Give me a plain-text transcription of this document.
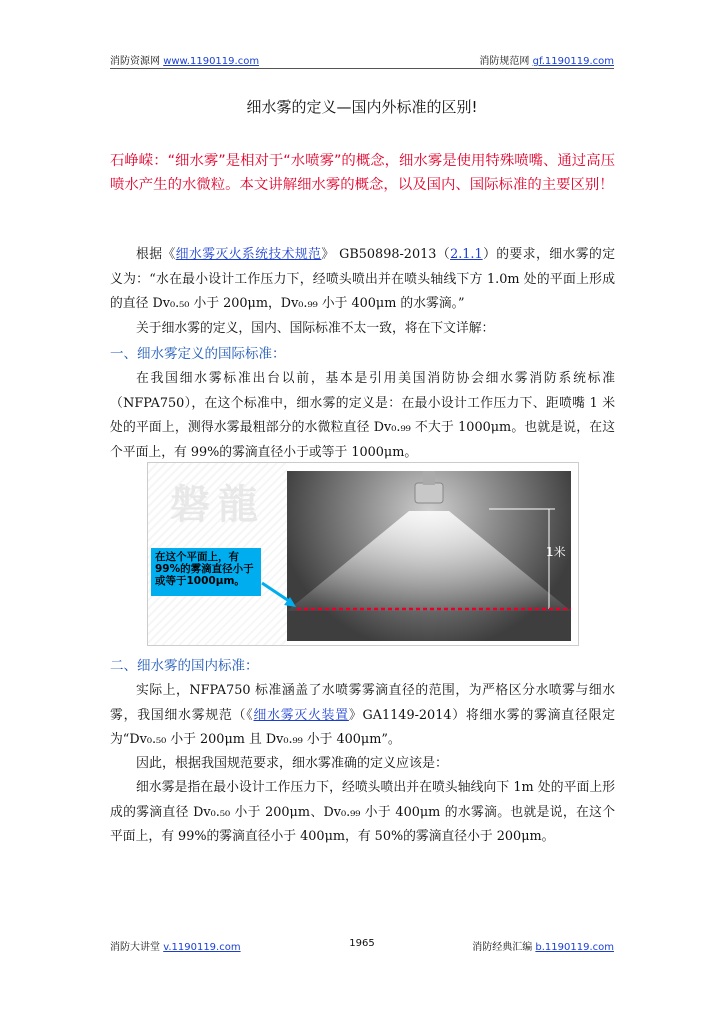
消防资源网 www.1190119.com	消防规范网 gf.1190119.com
细水雾的定义—国内外标准的区别!
石峥嵘：“细水雾”是相对于“水喷雾”的概念，细水雾是使用特殊喷嘴、通过高压喷水产生的水微粒。本文讲解细水雾的概念，以及国内、国际标准的主要区别！
根据《细水雾灭火系统技术规范》 GB50898-2013（2.1.1）的要求，细水雾的定义为：“水在最小设计工作压力下，经喷头喷出并在喷头轴线下方 1.0m 处的平面上形成的直径 Dv₀.₅₀ 小于 200μm，Dv₀.₉₉ 小于 400μm 的水雾滴。”
关于细水雾的定义，国内、国际标准不太一致，将在下文详解：
一、细水雾定义的国际标准：
在我国细水雾标准出台以前，基本是引用美国消防协会细水雾消防系统标准（NFPA750），在这个标准中，细水雾的定义是：在最小设计工作压力下、距喷嘴 1 米处的平面上，测得水雾最粗部分的水微粒直径 Dv₀.₉₉ 不大于 1000μm。也就是说，在这个平面上，有 99%的雾滴直径小于或等于 1000μm。
磐龍
1米
在这个平面上，有99%的雾滴直径小于或等于1000μm。
二、细水雾的国内标准：
实际上，NFPA750 标准涵盖了水喷雾雾滴直径的范围，为严格区分水喷雾与细水雾，我国细水雾规范（《细水雾灭火装置》GA1149-2014）将细水雾的雾滴直径限定为“Dv₀.₅₀ 小于 200μm 且 Dv₀.₉₉ 小于 400μm”。
因此，根据我国规范要求，细水雾准确的定义应该是：
细水雾是指在最小设计工作压力下，经喷头喷出并在喷头轴线向下 1m 处的平面上形成的雾滴直径 Dv₀.₅₀ 小于 200μm、Dv₀.₉₉ 小于 400μm 的水雾滴。也就是说，在这个平面上，有 99%的雾滴直径小于 400μm，有 50%的雾滴直径小于 200μm。
消防大讲堂 v.1190119.com	1965	消防经典汇编 b.1190119.com
